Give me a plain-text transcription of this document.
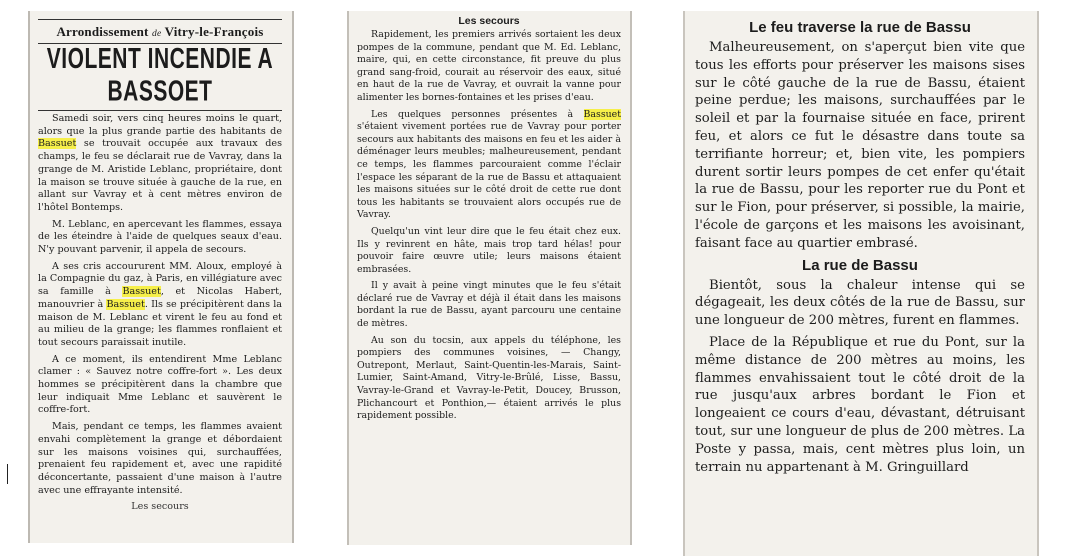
Arrondissement de Vitry-le-François
VIOLENT INCENDIE A BASSOET

Samedi soir, vers cinq heures moins le quart, alors que la plus grande partie des habitants de Bassuet se trouvait occupée aux travaux des champs, le feu se déclarait rue de Vavray, dans la grange de M. Aristide Leblanc, propriétaire, dont la maison se trouve située à gauche de la rue, en allant sur Vavray et à cent mètres environ de l'hôtel Bontemps.

M. Leblanc, en apercevant les flammes, essaya de les éteindre à l'aide de quelques seaux d'eau. N'y pouvant parvenir, il appela de secours.

A ses cris accoururent MM. Aloux, employé à la Compagnie du gaz, à Paris, en villégiature avec sa famille à Bassuet, et Nicolas Habert, manouvrier à Bassuet. Ils se précipitèrent dans la maison de M. Leblanc et virent le feu au fond et au milieu de la grange; les flammes ronflaient et tout secours paraissait inutile.

A ce moment, ils entendirent Mme Leblanc clamer : « Sauvez notre coffre-fort ». Les deux hommes se précipitèrent dans la chambre que leur indiquait Mme Leblanc et sauvèrent le coffre-fort.

Mais, pendant ce temps, les flammes avaient envahi complètement la grange et débordaient sur les maisons voisines qui, surchauffées, prenaient feu rapidement et, avec une rapidité déconcertante, passaient d'une maison à l'autre avec une effrayante intensité.

Les secours
Les secours

Rapidement, les premiers arrivés sortaient les deux pompes de la commune, pendant que M. Ed. Leblanc, maire, qui, en cette circonstance, fit preuve du plus grand sang-froid, courait au réservoir des eaux, situé en haut de la rue de Vavray, et ouvrait la vanne pour alimenter les bornes-fontaines et les prises d'eau.

Les quelques personnes présentes à Bassuet s'étaient vivement portées rue de Vavray pour porter secours aux habitants des maisons en feu et les aider à déménager leurs meubles; malheureusement, pendant ce temps, les flammes parcouraient comme l'éclair l'espace les séparant de la rue de Bassu et attaquaient les maisons situées sur le côté droit de cette rue dont tous les habitants se trouvaient alors occupés rue de Vavray.

Quelqu'un vint leur dire que le feu était chez eux. Ils y revinrent en hâte, mais trop tard hélas! pour pouvoir faire œuvre utile; leurs maisons étaient embrasées.

Il y avait à peine vingt minutes que le feu s'était déclaré rue de Vavray et déjà il était dans les maisons bordant la rue de Bassu, ayant parcouru une centaine de mètres.

Au son du tocsin, aux appels du téléphone, les pompiers des communes voisines, — Changy, Outrepont, Merlaut, Saint-Quentin-les-Marais, Saint-Lumier, Saint-Amand, Vitry-le-Brûlé, Lisse, Bassu, Vavray-le-Grand et Vavray-le-Petit, Doucey, Brusson, Plichancourt et Ponthion,— étaient arrivés le plus rapidement possible.

Le feu traverse la rue de Bassu

Malheureusement, on s'aperçut bien vite que tous les efforts pour préserver les maisons sises sur le côté gauche de la rue de Bassu, étaient peine perdue; les maisons, surchauffées par le soleil et par la fournaise située en face, prirent feu, et alors ce fut le désastre dans toute sa terrifiante horreur; et, bien vite, les pompiers durent sortir leurs pompes de cet enfer qu'était la rue de Bassu, pour les reporter rue du Pont et sur le Fion, pour préserver, si possible, la mairie, l'école de garçons et les maisons les avoisinant, faisant face au quartier embrasé.

La rue de Bassu

Bientôt, sous la chaleur intense qui se dégageait, les deux côtés de la rue de Bassu, sur une longueur de 200 mètres, furent en flammes.

Place de la République et rue du Pont, sur la même distance de 200 mètres au moins, les flammes envahissaient tout le côté droit de la rue jusqu'aux arbres bordant le Fion et longeaient ce cours d'eau, dévastant, détruisant tout, sur une longueur de plus de 200 mètres. La Poste y passa, mais, cent mètres plus loin, un terrain nu appartenant à M. Gringuillard
